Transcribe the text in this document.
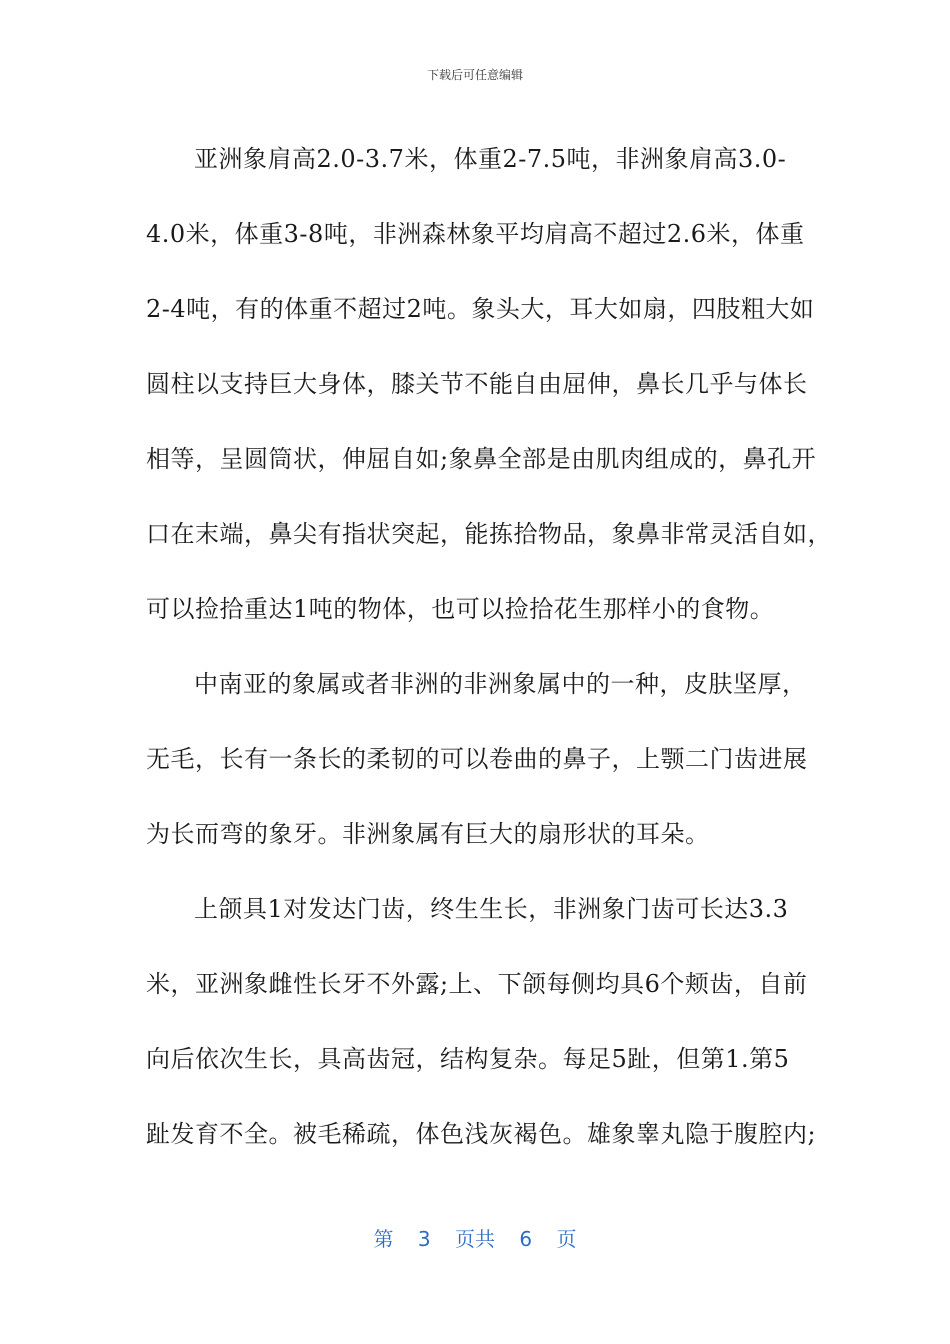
下载后可任意编辑

亚洲象肩高2.0-3.7米，体重2-7.5吨，非洲象肩高3.0-
4.0米，体重3-8吨，非洲森林象平均肩高不超过2.6米，体重
2-4吨，有的体重不超过2吨。象头大，耳大如扇，四肢粗大如
圆柱以支持巨大身体，膝关节不能自由屈伸，鼻长几乎与体长
相等，呈圆筒状，伸屈自如;象鼻全部是由肌肉组成的，鼻孔开
口在末端，鼻尖有指状突起，能拣拾物品，象鼻非常灵活自如，
可以捡拾重达1吨的物体，也可以捡拾花生那样小的食物。

中南亚的象属或者非洲的非洲象属中的一种，皮肤坚厚，
无毛，长有一条长的柔韧的可以卷曲的鼻子，上颚二门齿进展
为长而弯的象牙。非洲象属有巨大的扇形状的耳朵。

上颌具1对发达门齿，终生生长，非洲象门齿可长达3.3
米，亚洲象雌性长牙不外露;上、下颌每侧均具6个颊齿，自前
向后依次生长，具高齿冠，结构复杂。每足5趾，但第1.第5
趾发育不全。被毛稀疏，体色浅灰褐色。雄象睾丸隐于腹腔内;

第 3 页共 6 页
